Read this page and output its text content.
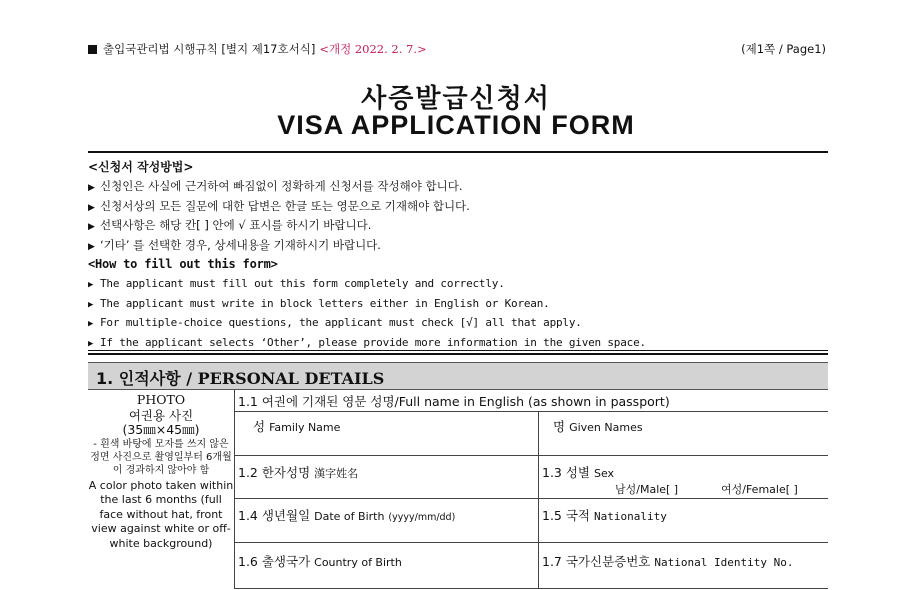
출입국관리법 시행규칙 [별지 제17호서식] <개정 2022. 2. 7.>	(제1쪽 / Page1)
사증발급신청서
VISA APPLICATION FORM
<신청서 작성방법>
▶ 신청인은 사실에 근거하여 빠짐없이 정확하게 신청서를 작성해야 합니다.
▶ 신청서상의 모든 질문에 대한 답변은 한글 또는 영문으로 기재해야 합니다.
▶ 선택사항은 해당 칸[ ] 안에 √ 표시를 하시기 바랍니다.
▶ ‘기타’ 를 선택한 경우, 상세내용을 기재하시기 바랍니다.
<How to fill out this form>
▶ The applicant must fill out this form completely and correctly.
▶ The applicant must write in block letters either in English or Korean.
▶ For multiple-choice questions, the applicant must check [√] all that apply.
▶ If the applicant selects ‘Other’, please provide more information in the given space.
1. 인적사항 / PERSONAL DETAILS
PHOTO
여권용 사진
(35㎜×45㎜)
- 흰색 바탕에 모자를 쓰지 않은 정면 사진으로 촬영일부터 6개월이 경과하지 않아야 함
A color photo taken within the last 6 months (full face without hat, front view against white or off-white background)
1.1 여권에 기재된 영문 성명/Full name in English (as shown in passport)
성 Family Name	명 Given Names
1.2 한자성명 漢字姓名	1.3 성별 Sex
남성/Male[ ]	여성/Female[ ]
1.4 생년월일 Date of Birth (yyyy/mm/dd)	1.5 국적 Nationality
1.6 출생국가 Country of Birth	1.7 국가신분증번호 National Identity No.
